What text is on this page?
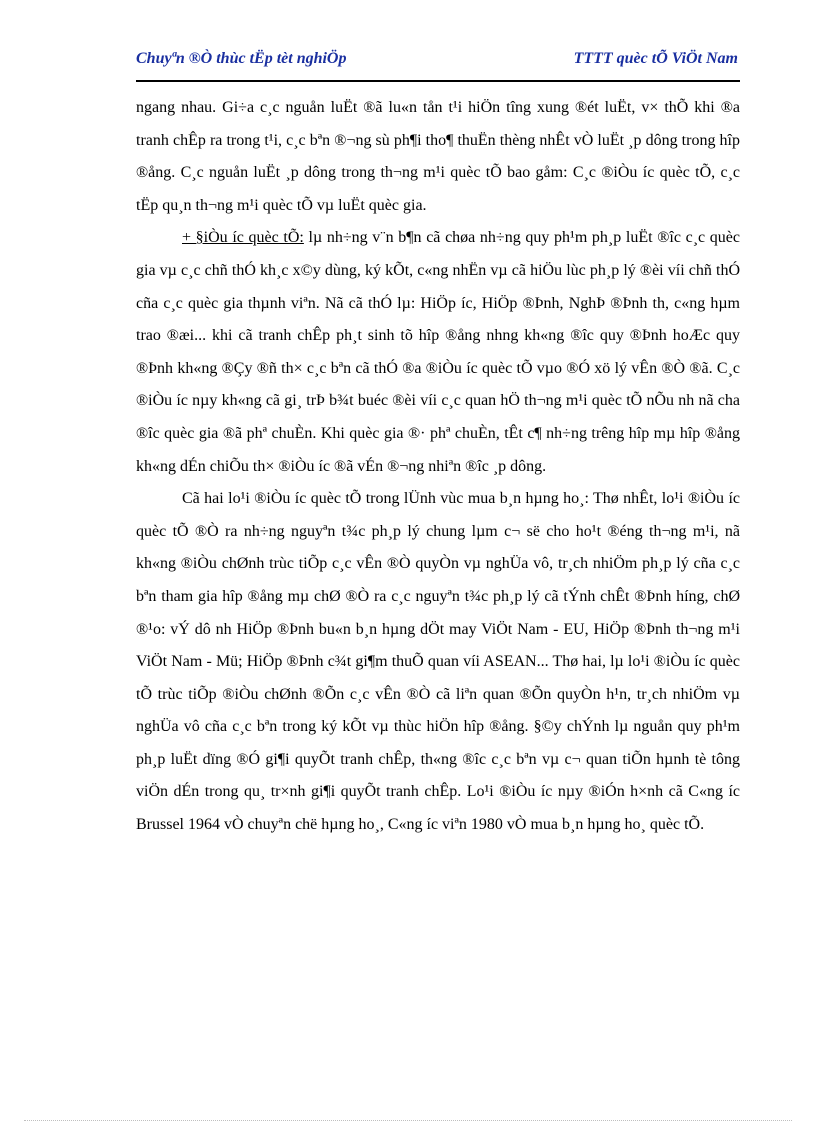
Chuyªn ®Ò thùc tËp tèt nghiÖp	TTTT quèc tÕ ViÖt Nam

ngang nhau. Gi÷a c¸c nguån luËt ®ã lu«n tån t¹i hiÖn tîng xung ®ét luËt, v× thÕ khi ®a tranh chÊp ra trong t¹i, c¸c bªn ®¬ng sù ph¶i tho¶ thuËn thèng nhÊt vÒ luËt ¸p dông trong hîp ®ång. C¸c nguån luËt ¸p dông trong th¬ng m¹i quèc tÕ bao gåm: C¸c ®iÒu íc quèc tÕ, c¸c tËp qu¸n th¬ng m¹i quèc tÕ vµ luËt quèc gia.

+ §iÒu íc quèc tÕ: lµ nh÷ng v¨n b¶n cã chøa nh÷ng quy ph¹m ph¸p luËt ®îc c¸c quèc gia vµ c¸c chñ thÓ kh¸c x©y dùng, ký kÕt, c«ng nhËn vµ cã hiÖu lùc ph¸p lý ®èi víi chñ thÓ cña c¸c quèc gia thµnh viªn. Nã cã thÓ lµ: HiÖp íc, HiÖp ®Þnh, NghÞ ®Þnh th, c«ng hµm trao ®æi... khi cã tranh chÊp ph¸t sinh tõ hîp ®ång nhng kh«ng ®îc quy ®Þnh hoÆc quy ®Þnh kh«ng ®Çy ®ñ th× c¸c bªn cã thÓ ®a ®iÒu íc quèc tÕ vµo ®Ó xö lý vÊn ®Ò ®ã. C¸c ®iÒu íc nµy kh«ng cã gi¸ trÞ b¾t buéc ®èi víi c¸c quan hÖ th¬ng m¹i quèc tÕ nÕu nh nã cha ®îc quèc gia ®ã phª chuÈn. Khi quèc gia ®· phª chuÈn, tÊt c¶ nh÷ng trêng hîp mµ hîp ®ång kh«ng dÉn chiÕu th× ®iÒu íc ®ã vÉn ®¬ng nhiªn ®îc ¸p dông.

Cã hai lo¹i ®iÒu íc quèc tÕ trong lÜnh vùc mua b¸n hµng ho¸: Thø nhÊt, lo¹i ®iÒu íc quèc tÕ ®Ò ra nh÷ng nguyªn t¾c ph¸p lý chung lµm c¬ së cho ho¹t ®éng th¬ng m¹i, nã kh«ng ®iÒu chØnh trùc tiÕp c¸c vÊn ®Ò quyÒn vµ nghÜa vô, tr¸ch nhiÖm ph¸p lý cña c¸c bªn tham gia hîp ®ång mµ chØ ®Ò ra c¸c nguyªn t¾c ph¸p lý cã tÝnh chÊt ®Þnh híng, chØ ®¹o: vÝ dô nh HiÖp ®Þnh bu«n b¸n hµng dÖt may ViÖt Nam - EU, HiÖp ®Þnh th¬ng m¹i ViÖt Nam - Mü; HiÖp ®Þnh c¾t gi¶m thuÕ quan víi ASEAN... Thø hai, lµ lo¹i ®iÒu íc quèc tÕ trùc tiÕp ®iÒu chØnh ®Õn c¸c vÊn ®Ò cã liªn quan ®Õn quyÒn h¹n, tr¸ch nhiÖm vµ nghÜa vô cña c¸c bªn trong ký kÕt vµ thùc hiÖn hîp ®ång. §©y chÝnh lµ nguån quy ph¹m ph¸p luËt dïng ®Ó gi¶i quyÕt tranh chÊp, th«ng ®îc c¸c bªn vµ c¬ quan tiÕn hµnh tè tông viÖn dÉn trong qu¸ tr×nh gi¶i quyÕt tranh chÊp. Lo¹i ®iÒu íc nµy ®iÓn h×nh cã C«ng íc Brussel 1964 vÒ chuyªn chë hµng ho¸, C«ng íc viªn 1980 vÒ mua b¸n hµng ho¸ quèc tÕ.
